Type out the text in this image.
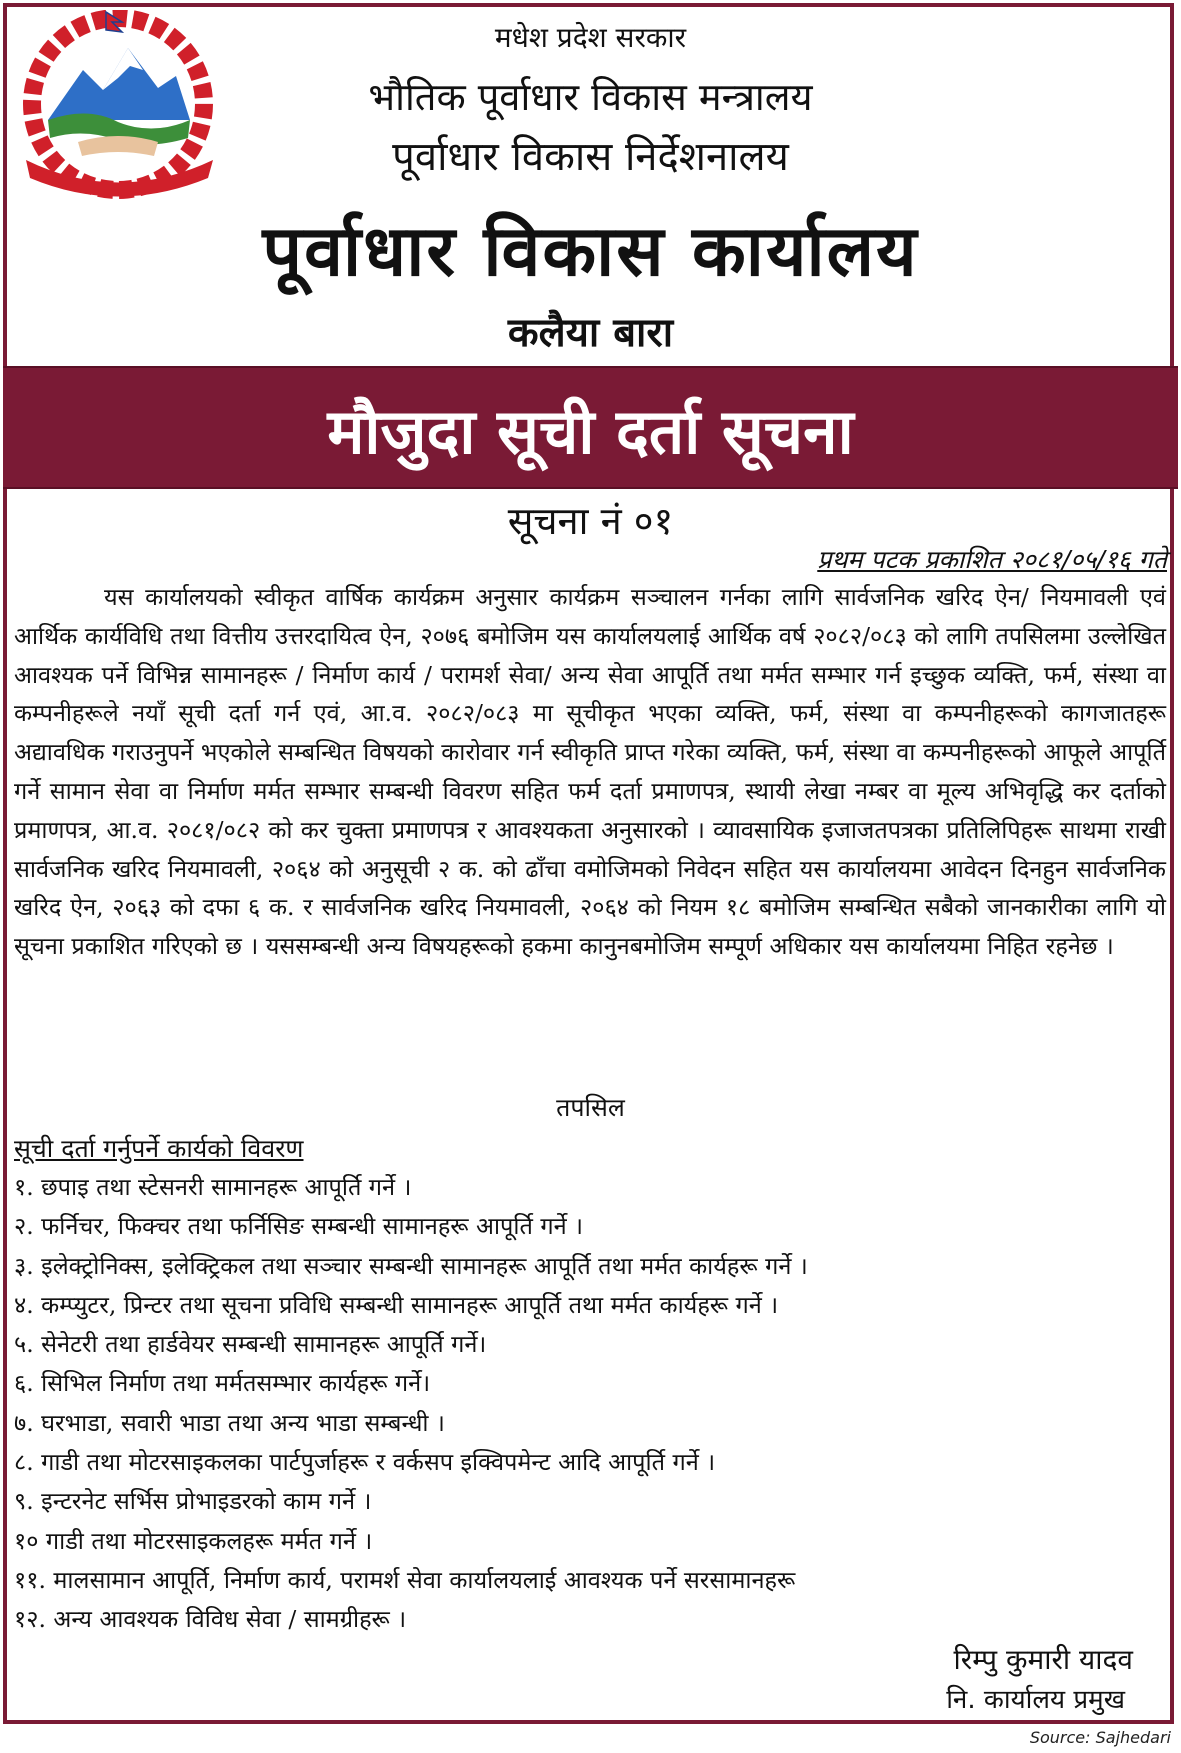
मधेश प्रदेश सरकार
भौतिक पूर्वाधार विकास मन्त्रालय
पूर्वाधार विकास निर्देशनालय
पूर्वाधार विकास कार्यालय
कलैया बारा
मौजुदा सूची दर्ता सूचना
सूचना नं ०१
प्रथम पटक प्रकाशित २०८१/०५/१६ गते

यस कार्यालयको स्वीकृत वार्षिक कार्यक्रम अनुसार कार्यक्रम सञ्चालन गर्नका लागि सार्वजनिक खरिद ऐन/ नियमावली एवं आर्थिक कार्यविधि तथा वित्तीय उत्तरदायित्व ऐन, २०७६ बमोजिम यस कार्यालयलाई आर्थिक वर्ष २०८२/०८३ को लागि तपसिलमा उल्लेखित आवश्यक पर्ने विभिन्न सामानहरू / निर्माण कार्य / परामर्श सेवा/ अन्य सेवा आपूर्ति तथा मर्मत सम्भार गर्न इच्छुक व्यक्ति, फर्म, संस्था वा कम्पनीहरूले नयाँ सूची दर्ता गर्न एवं, आ.व. २०८२/०८३ मा सूचीकृत भएका व्यक्ति, फर्म, संस्था वा कम्पनीहरूको कागजातहरू अद्यावधिक गराउनुपर्ने भएकोले सम्बन्धित विषयको कारोवार गर्न स्वीकृति प्राप्त गरेका व्यक्ति, फर्म, संस्था वा कम्पनीहरूको आफूले आपूर्ति गर्ने सामान सेवा वा निर्माण मर्मत सम्भार सम्बन्धी विवरण सहित फर्म दर्ता प्रमाणपत्र, स्थायी लेखा नम्बर वा मूल्य अभिवृद्धि कर दर्ताको प्रमाणपत्र, आ.व. २०८१/०८२ को कर चुक्ता प्रमाणपत्र र आवश्यकता अनुसारको । व्यावसायिक इजाजतपत्रका प्रतिलिपिहरू साथमा राखी सार्वजनिक खरिद नियमावली, २०६४ को अनुसूची २ क. को ढाँचा वमोजिमको निवेदन सहित यस कार्यालयमा आवेदन दिनहुन सार्वजनिक खरिद ऐन, २०६३ को दफा ६ क. र सार्वजनिक खरिद नियमावली, २०६४ को नियम १८ बमोजिम सम्बन्धित सबैको जानकारीका लागि यो सूचना प्रकाशित गरिएको छ । यससम्बन्धी अन्य विषयहरूको हकमा कानुनबमोजिम सम्पूर्ण अधिकार यस कार्यालयमा निहित रहनेछ ।

तपसिल
सूची दर्ता गर्नुपर्ने कार्यको विवरण
१. छपाइ तथा स्टेसनरी सामानहरू आपूर्ति गर्ने ।
२. फर्निचर, फिक्चर तथा फर्निसिङ सम्बन्धी सामानहरू आपूर्ति गर्ने ।
३. इलेक्ट्रोनिक्स, इलेक्ट्रिकल तथा सञ्चार सम्बन्धी सामानहरू आपूर्ति तथा मर्मत कार्यहरू गर्ने ।
४. कम्प्युटर, प्रिन्टर तथा सूचना प्रविधि सम्बन्धी सामानहरू आपूर्ति तथा मर्मत कार्यहरू गर्ने ।
५. सेनेटरी तथा हार्डवेयर सम्बन्धी सामानहरू आपूर्ति गर्ने।
६. सिभिल निर्माण तथा मर्मतसम्भार कार्यहरू गर्ने।
७. घरभाडा, सवारी भाडा तथा अन्य भाडा सम्बन्धी ।
८. गाडी तथा मोटरसाइकलका पार्टपुर्जाहरू र वर्कसप इक्विपमेन्ट आदि आपूर्ति गर्ने ।
९. इन्टरनेट सर्भिस प्रोभाइडरको काम गर्ने ।
१० गाडी तथा मोटरसाइकलहरू मर्मत गर्ने ।
११. मालसामान आपूर्ति, निर्माण कार्य, परामर्श सेवा कार्यालयलाई आवश्यक पर्ने सरसामानहरू
१२. अन्य आवश्यक विविध सेवा / सामग्रीहरू ।
रिम्पु कुमारी यादव
नि. कार्यालय प्रमुख
Source: Sajhedari
